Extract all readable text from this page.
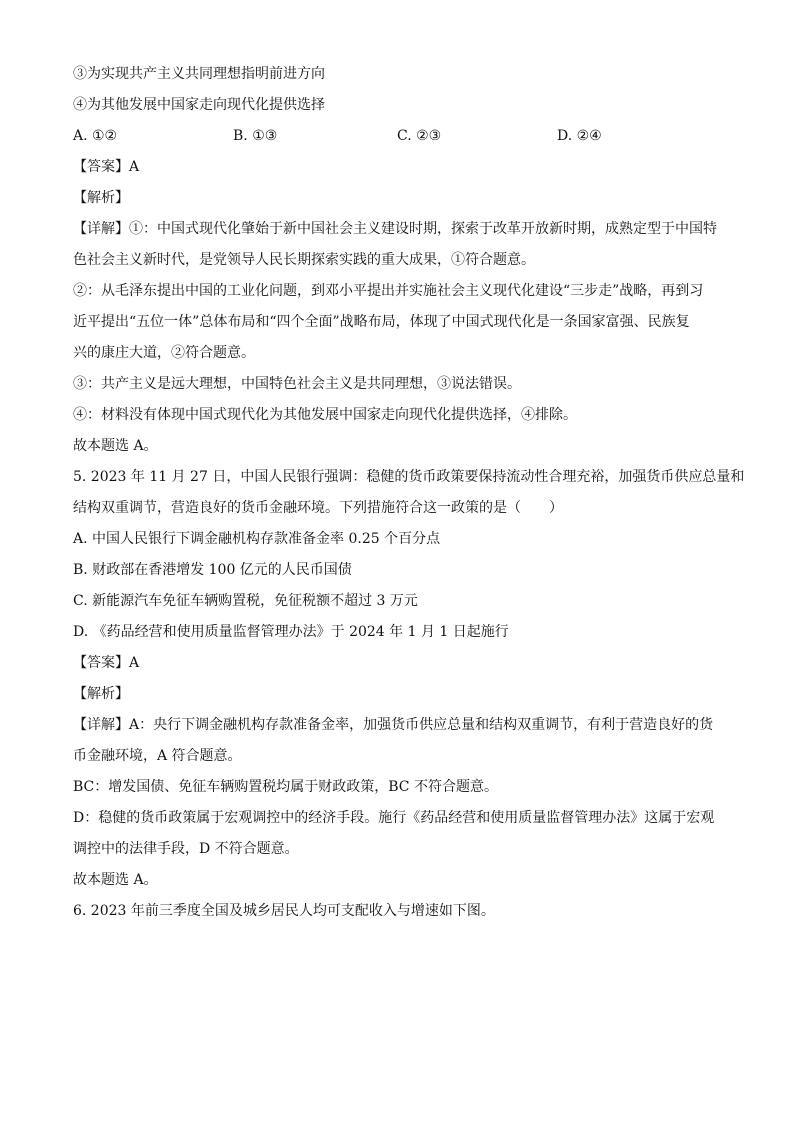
③为实现共产主义共同理想指明前进方向
④为其他发展中国家走向现代化提供选择
A. ①②	B. ①③	C. ②③	D. ②④
【答案】A
【解析】
【详解】①：中国式现代化肇始于新中国社会主义建设时期，探索于改革开放新时期，成熟定型于中国特
色社会主义新时代，是党领导人民长期探索实践的重大成果，①符合题意。
②：从毛泽东提出中国的工业化问题，到邓小平提出并实施社会主义现代化建设“三步走”战略，再到习
近平提出“五位一体”总体布局和“四个全面”战略布局，体现了中国式现代化是一条国家富强、民族复
兴的康庄大道，②符合题意。
③：共产主义是远大理想，中国特色社会主义是共同理想，③说法错误。
④：材料没有体现中国式现代化为其他发展中国家走向现代化提供选择，④排除。
故本题选 A。
5. 2023 年 11 月 27 日，中国人民银行强调：稳健的货币政策要保持流动性合理充裕，加强货币供应总量和
结构双重调节，营造良好的货币金融环境。下列措施符合这一政策的是（　　）
A. 中国人民银行下调金融机构存款准备金率 0.25 个百分点
B. 财政部在香港增发 100 亿元的人民币国债
C. 新能源汽车免征车辆购置税，免征税额不超过 3 万元
D. 《药品经营和使用质量监督管理办法》于 2024 年 1 月 1 日起施行
【答案】A
【解析】
【详解】A：央行下调金融机构存款准备金率，加强货币供应总量和结构双重调节，有利于营造良好的货
币金融环境，A 符合题意。
BC：增发国债、免征车辆购置税均属于财政政策，BC 不符合题意。
D：稳健的货币政策属于宏观调控中的经济手段。施行《药品经营和使用质量监督管理办法》这属于宏观
调控中的法律手段，D 不符合题意。
故本题选 A。
6. 2023 年前三季度全国及城乡居民人均可支配收入与增速如下图。
